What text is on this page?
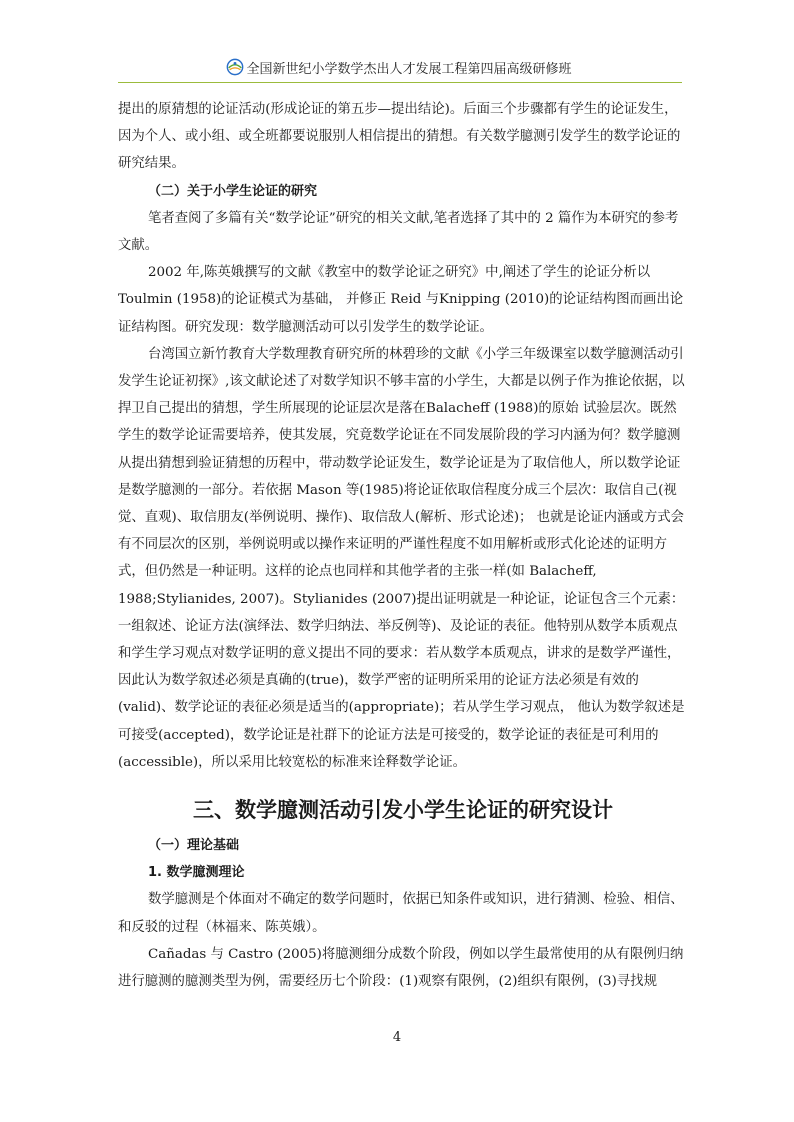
全国新世纪小学数学杰出人才发展工程第四届高级研修班

提出的原猜想的论证活动(形成论证的第五步—提出结论)。后面三个步骤都有学生的论证发生，因为个人、或小组、或全班都要说服别人相信提出的猜想。有关数学臆测引发学生的数学论证的研究结果。

（二）关于小学生论证的研究

笔者查阅了多篇有关“数学论证”研究的相关文献,笔者选择了其中的 2 篇作为本研究的参考文献。

2002 年,陈英娥撰写的文献《教室中的数学论证之研究》中,阐述了学生的论证分析以Toulmin (1958)的论证模式为基础， 并修正 Reid 与Knipping (2010)的论证结构图而画出论证结构图。研究发现：数学臆测活动可以引发学生的数学论证。

台湾国立新竹教育大学数理教育研究所的林碧珍的文献《小学三年级课室以数学臆测活动引发学生论证初探》,该文献论述了对数学知识不够丰富的小学生，大都是以例子作为推论依据，以捍卫自己提出的猜想，学生所展现的论证层次是落在Balacheff (1988)的原始 试验层次。既然学生的数学论证需要培养，使其发展，究竟数学论证在不同发展阶段的学习内涵为何？数学臆测从提出猜想到验证猜想的历程中，带动数学论证发生，数学论证是为了取信他人，所以数学论证是数学臆测的一部分。若依据 Mason 等(1985)将论证依取信程度分成三个层次：取信自己(视觉、直观)、取信朋友(举例说明、操作)、取信敌人(解析、形式论述)； 也就是论证内涵或方式会有不同层次的区别，举例说明或以操作来证明的严谨性程度不如用解析或形式化论述的证明方式，但仍然是一种证明。这样的论点也同样和其他学者的主张一样(如 Balacheff, 1988;Stylianides, 2007)。Stylianides (2007)提出证明就是一种论证，论证包含三个元素：一组叙述、论证方法(演绎法、数学归纳法、举反例等)、及论证的表征。他特别从数学本质观点和学生学习观点对数学证明的意义提出不同的要求：若从数学本质观点，讲求的是数学严谨性，因此认为数学叙述必须是真确的(true)，数学严密的证明所采用的论证方法必须是有效的(valid)、数学论证的表征必须是适当的(appropriate)；若从学生学习观点， 他认为数学叙述是可接受(accepted)，数学论证是社群下的论证方法是可接受的，数学论证的表征是可利用的(accessible)，所以采用比较宽松的标准来诠释数学论证。

三、数学臆测活动引发小学生论证的研究设计

（一）理论基础

1. 数学臆测理论

数学臆测是个体面对不确定的数学问题时，依据已知条件或知识，进行猜测、检验、相信、和反驳的过程（林福来、陈英娥）。

Cañadas 与 Castro (2005)将臆测细分成数个阶段，例如以学生最常使用的从有限例归纳进行臆测的臆测类型为例，需要经历七个阶段：(1)观察有限例，(2)组织有限例，(3)寻找规

4
